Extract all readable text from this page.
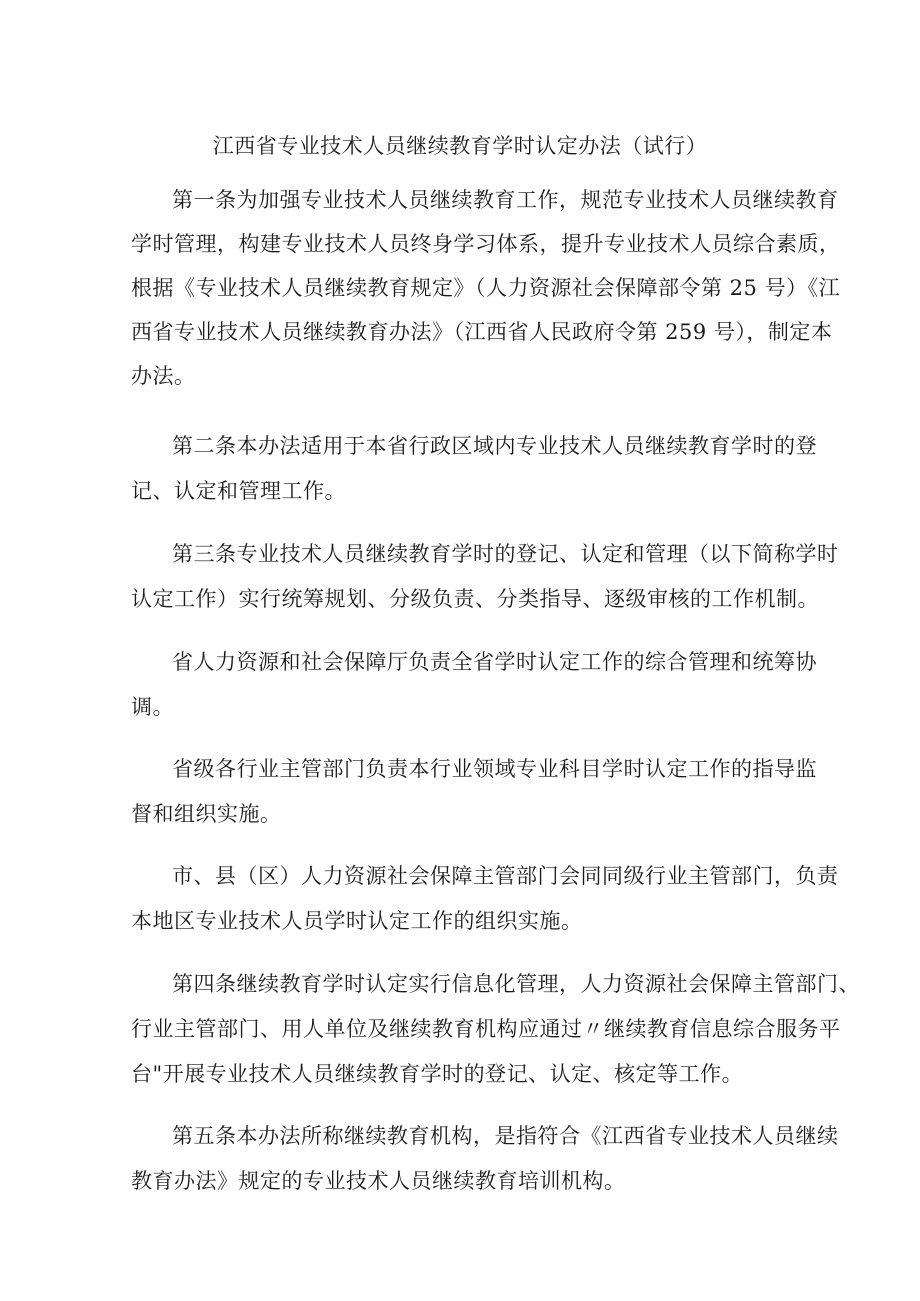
江西省专业技术人员继续教育学时认定办法（试行）

第一条为加强专业技术人员继续教育工作，规范专业技术人员继续教育

学时管理，构建专业技术人员终身学习体系，提升专业技术人员综合素质，

根据《专业技术人员继续教育规定》（人力资源社会保障部令第 25 号）《江

西省专业技术人员继续教育办法》（江西省人民政府令第 259 号），制定本

办法。

第二条本办法适用于本省行政区域内专业技术人员继续教育学时的登

记、认定和管理工作。

第三条专业技术人员继续教育学时的登记、认定和管理（以下简称学时

认定工作）实行统筹规划、分级负责、分类指导、逐级审核的工作机制。

省人力资源和社会保障厅负责全省学时认定工作的综合管理和统筹协

调。

省级各行业主管部门负责本行业领域专业科目学时认定工作的指导监

督和组织实施。

市、县（区）人力资源社会保障主管部门会同同级行业主管部门，负责

本地区专业技术人员学时认定工作的组织实施。

第四条继续教育学时认定实行信息化管理，人力资源社会保障主管部门、

行业主管部门、用人单位及继续教育机构应通过〃继续教育信息综合服务平

台"开展专业技术人员继续教育学时的登记、认定、核定等工作。

第五条本办法所称继续教育机构，是指符合《江西省专业技术人员继续

教育办法》规定的专业技术人员继续教育培训机构。
